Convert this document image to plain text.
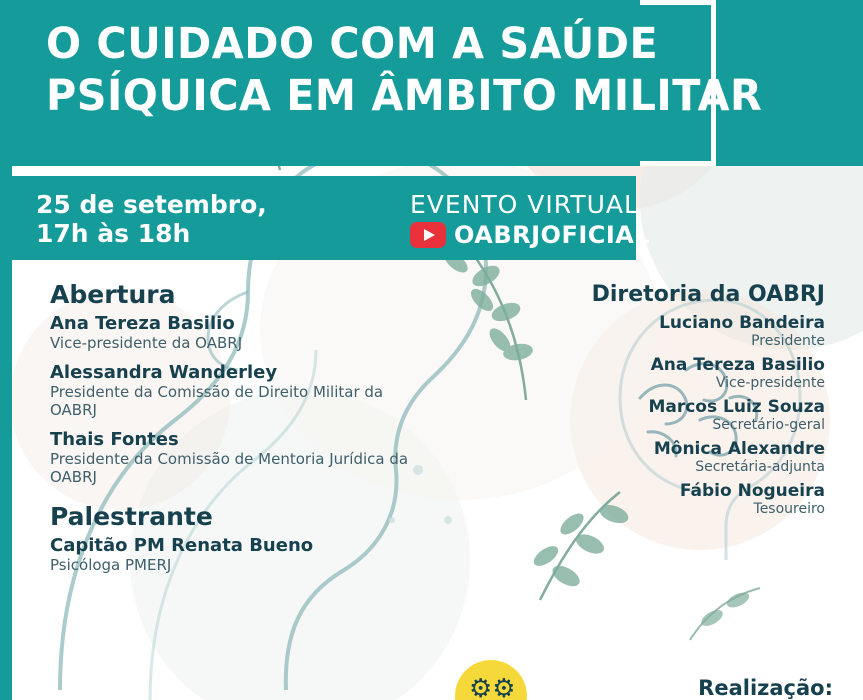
O CUIDADO COM A SAÚDE
PSÍQUICA EM ÂMBITO MILITAR
25 de setembro,
17h às 18h
EVENTO VIRTUAL
OABRJOFICIAL
Abertura
Ana Tereza Basilio
Vice-presidente da OABRJ
Alessandra Wanderley
Presidente da Comissão de Direito Militar da OABRJ
Thais Fontes
Presidente da Comissão de Mentoria Jurídica da OABRJ
Palestrante
Capitão PM Renata Bueno
Psicóloga PMERJ
Diretoria da OABRJ
Luciano Bandeira
Presidente
Ana Tereza Basilio
Vice-presidente
Marcos Luiz Souza
Secretário-geral
Mônica Alexandre
Secretária-adjunta
Fábio Nogueira
Tesoureiro
⚙⚙	Realização:
